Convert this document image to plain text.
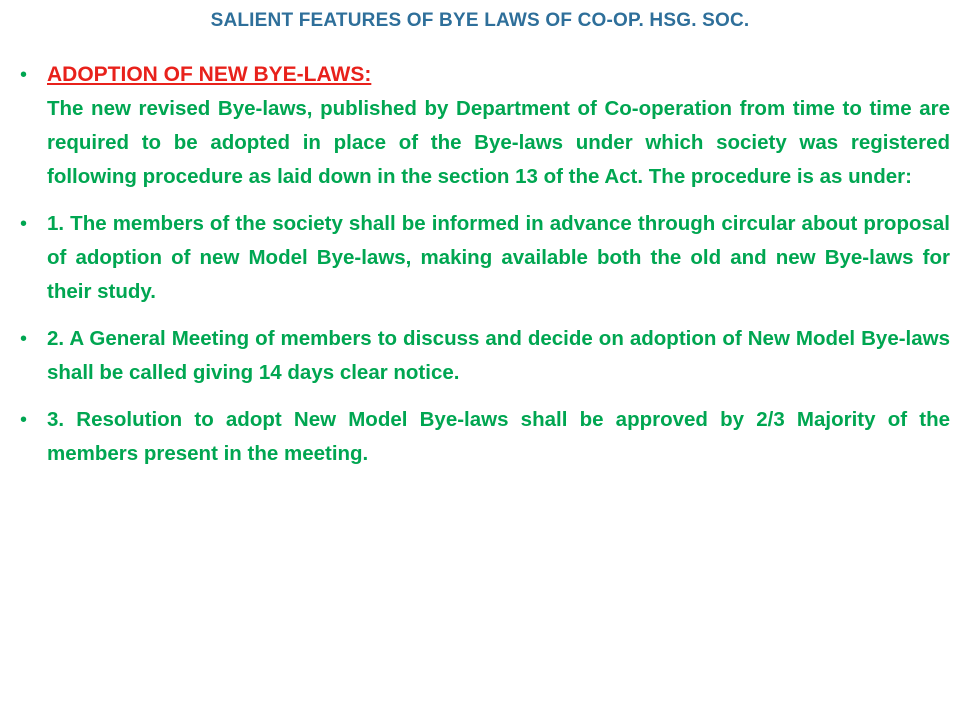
SALIENT FEATURES OF BYE LAWS OF CO-OP. HSG. SOC.
• ADOPTION OF NEW BYE-LAWS:
The new revised Bye-laws, published by Department of Co-operation from time to time are required to be adopted in place of the Bye-laws under which society was registered following procedure as laid down in the section 13 of the Act. The procedure is as under:
• 1. The members of the society shall be informed in advance through circular about proposal of adoption of new Model Bye-laws, making available both the old and new Bye-laws for their study.
• 2. A General Meeting of members to discuss and decide on adoption of New Model Bye-laws shall be called giving 14 days clear notice.
• 3. Resolution to adopt New Model Bye-laws shall be approved by 2/3 Majority of the members present in the meeting.
